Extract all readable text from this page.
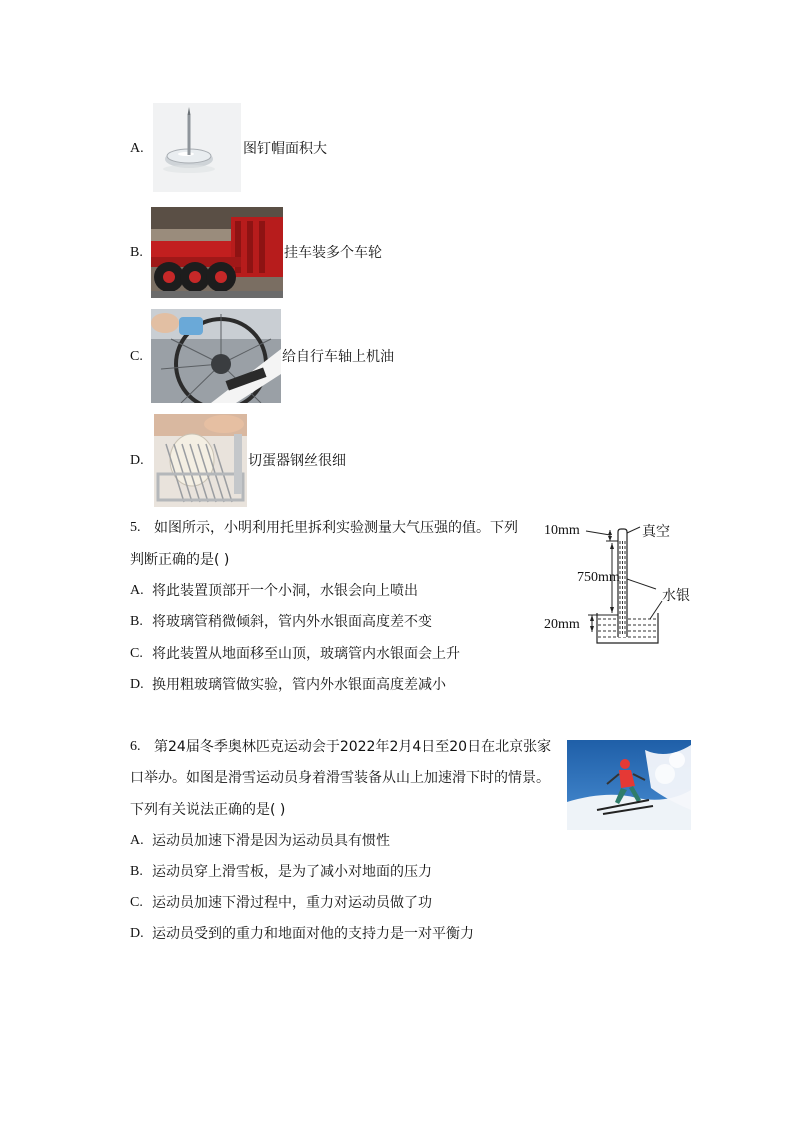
A.	图钉帽面积大
B.	挂车装多个车轮
C.	给自行车轴上机油
D.	切蛋器钢丝很细
5. 如图所示，小明利用托里拆利实验测量大气压强的值。下列
判断正确的是( )
A. 将此装置顶部开一个小洞，水银会向上喷出
B. 将玻璃管稍微倾斜，管内外水银面高度差不变
C. 将此装置从地面移至山顶，玻璃管内水银面会上升
D. 换用粗玻璃管做实验，管内外水银面高度差减小
10mm
750mm
20mm
真空
水银
6. 第24届冬季奥林匹克运动会于2022年2月4日至20日在北京张家
口举办。如图是滑雪运动员身着滑雪装备从山上加速滑下时的情景。
下列有关说法正确的是( )
A. 运动员加速下滑是因为运动员具有惯性
B. 运动员穿上滑雪板，是为了减小对地面的压力
C. 运动员加速下滑过程中，重力对运动员做了功
D. 运动员受到的重力和地面对他的支持力是一对平衡力
